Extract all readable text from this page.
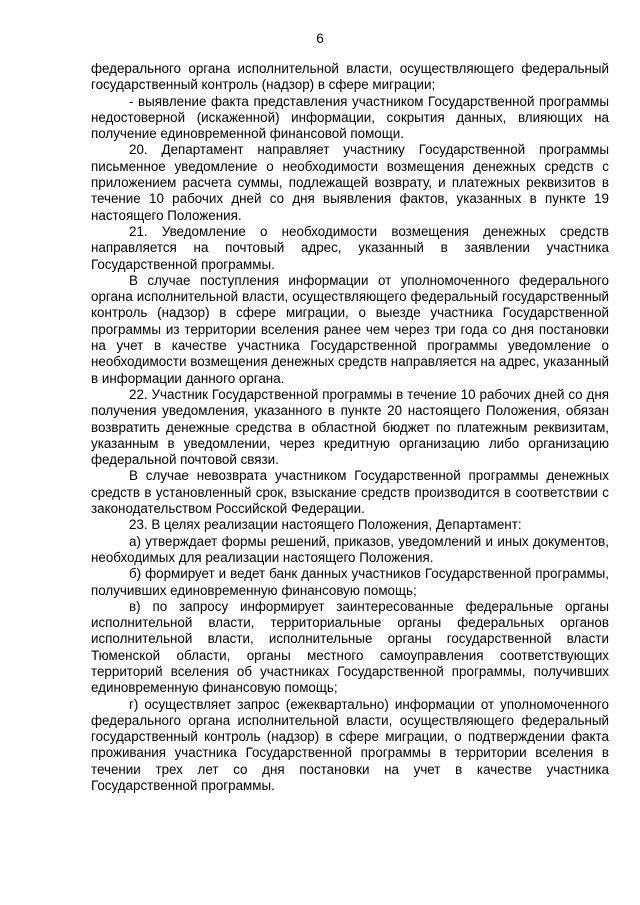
6

федерального органа исполнительной власти, осуществляющего федеральный государственный контроль (надзор) в сфере миграции;

- выявление факта представления участником Государственной программы недостоверной (искаженной) информации, сокрытия данных, влияющих на получение единовременной финансовой помощи.

20. Департамент направляет участнику Государственной программы письменное уведомление о необходимости возмещения денежных средств с приложением расчета суммы, подлежащей возврату, и платежных реквизитов в течение 10 рабочих дней со дня выявления фактов, указанных в пункте 19 настоящего Положения.

21. Уведомление о необходимости возмещения денежных средств направляется на почтовый адрес, указанный в заявлении участника Государственной программы.

В случае поступления информации от уполномоченного федерального органа исполнительной власти, осуществляющего федеральный государственный контроль (надзор) в сфере миграции, о выезде участника Государственной программы из территории вселения ранее чем через три года со дня постановки на учет в качестве участника Государственной программы уведомление о необходимости возмещения денежных средств направляется на адрес, указанный в информации данного органа.

22. Участник Государственной программы в течение 10 рабочих дней со дня получения уведомления, указанного в пункте 20 настоящего Положения, обязан возвратить денежные средства в областной бюджет по платежным реквизитам, указанным в уведомлении, через кредитную организацию либо организацию федеральной почтовой связи.

В случае невозврата участником Государственной программы денежных средств в установленный срок, взыскание средств производится в соответствии с законодательством Российской Федерации.

23. В целях реализации настоящего Положения, Департамент:

а) утверждает формы решений, приказов, уведомлений и иных документов, необходимых для реализации настоящего Положения.

б) формирует и ведет банк данных участников Государственной программы, получивших единовременную финансовую помощь;

в) по запросу информирует заинтересованные федеральные органы исполнительной власти, территориальные органы федеральных органов исполнительной власти, исполнительные органы государственной власти Тюменской области, органы местного самоуправления соответствующих территорий вселения об участниках Государственной программы, получивших единовременную финансовую помощь;

г) осуществляет запрос (ежеквартально) информации от уполномоченного федерального органа исполнительной власти, осуществляющего федеральный государственный контроль (надзор) в сфере миграции, о подтверждении факта проживания участника Государственной программы в территории вселения в течении трех лет со дня постановки на учет в качестве участника Государственной программы.
